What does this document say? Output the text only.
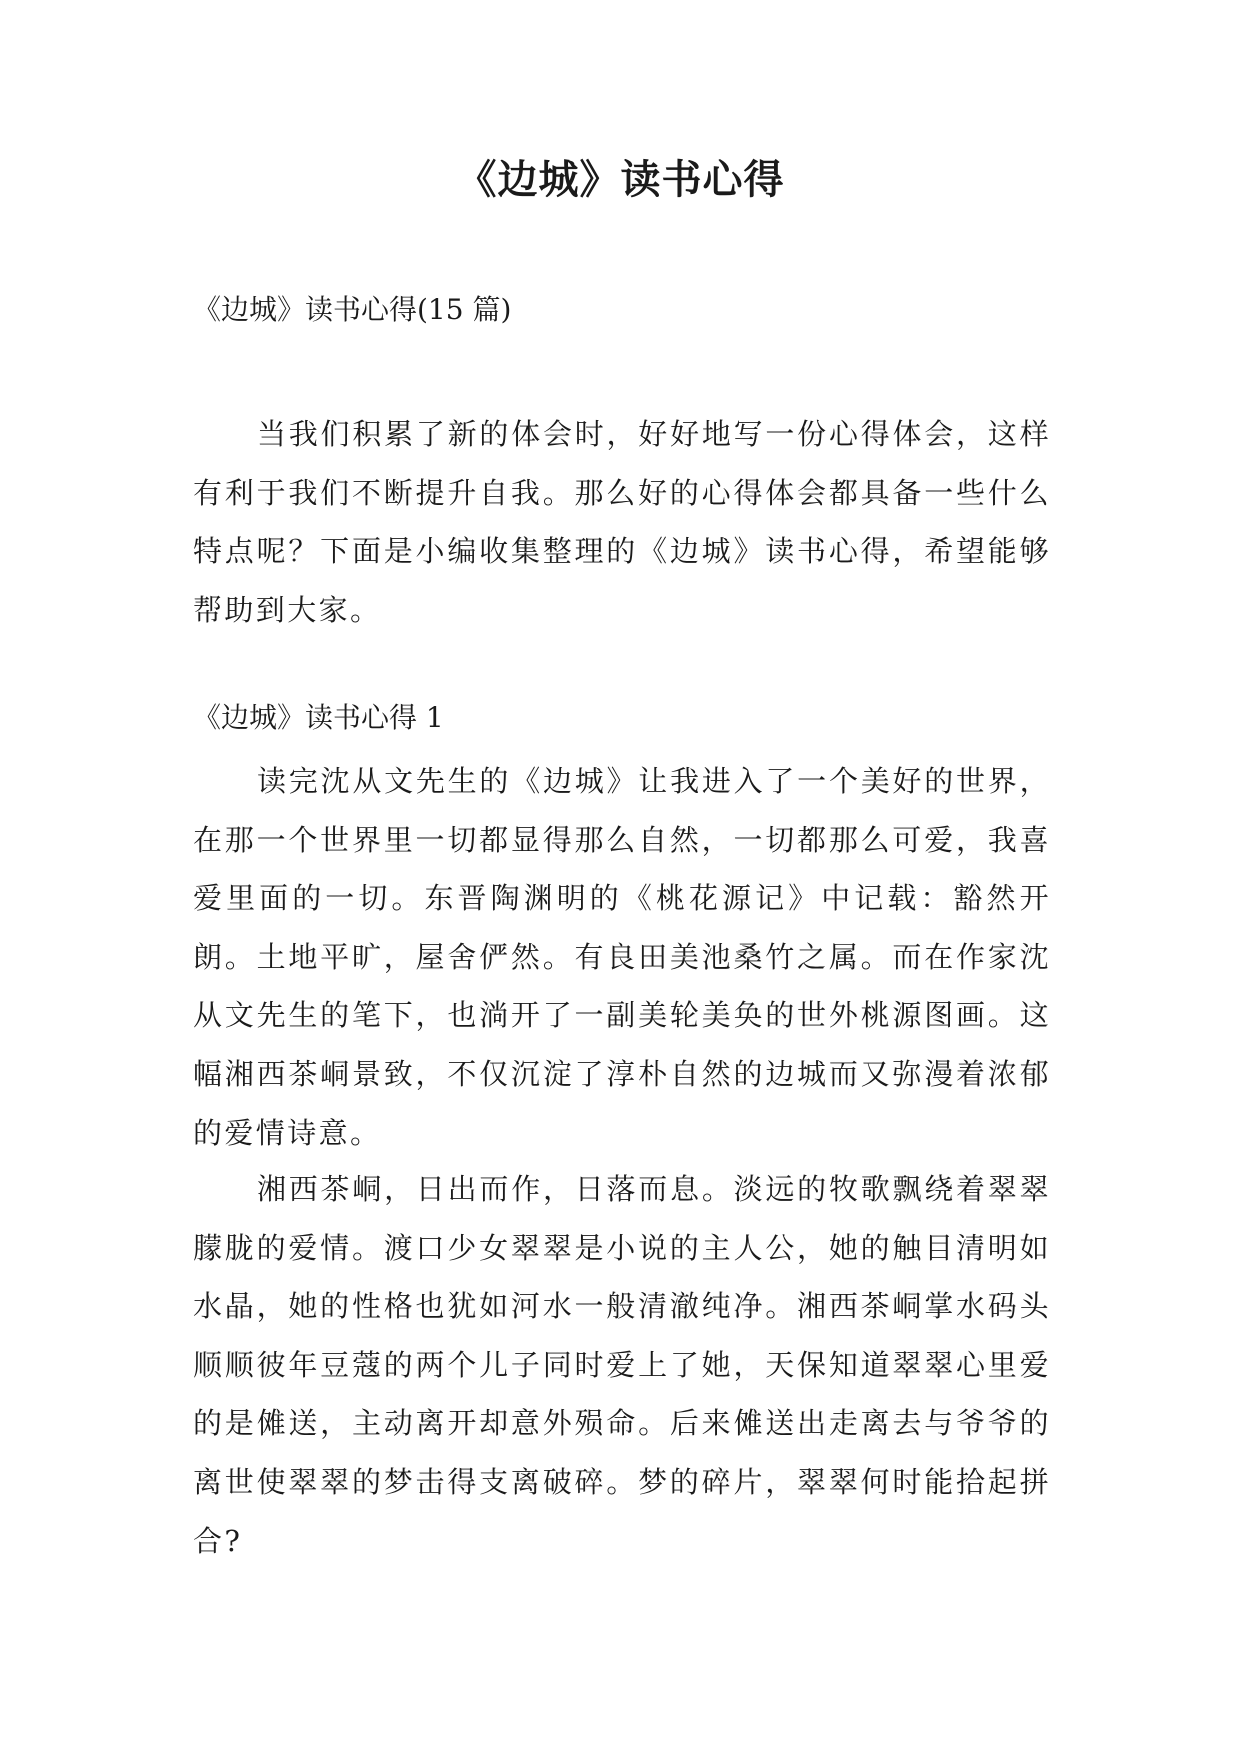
《边城》读书心得

《边城》读书心得(15 篇)

当我们积累了新的体会时，好好地写一份心得体会，这样有利于我们不断提升自我。那么好的心得体会都具备一些什么特点呢？下面是小编收集整理的《边城》读书心得，希望能够帮助到大家。

《边城》读书心得 1

读完沈从文先生的《边城》让我进入了一个美好的世界，在那一个世界里一切都显得那么自然，一切都那么可爱，我喜爱里面的一切。东晋陶渊明的《桃花源记》中记载：豁然开朗。土地平旷，屋舍俨然。有良田美池桑竹之属。而在作家沈从文先生的笔下，也淌开了一副美轮美奂的世外桃源图画。这幅湘西茶峒景致，不仅沉淀了淳朴自然的边城而又弥漫着浓郁的爱情诗意。

湘西茶峒，日出而作，日落而息。淡远的牧歌飘绕着翠翠朦胧的爱情。渡口少女翠翠是小说的主人公，她的触目清明如水晶，她的性格也犹如河水一般清澈纯净。湘西茶峒掌水码头顺顺彼年豆蔻的两个儿子同时爱上了她，天保知道翠翠心里爱的是傩送，主动离开却意外殒命。后来傩送出走离去与爷爷的离世使翠翠的梦击得支离破碎。梦的碎片，翠翠何时能拾起拼合?
